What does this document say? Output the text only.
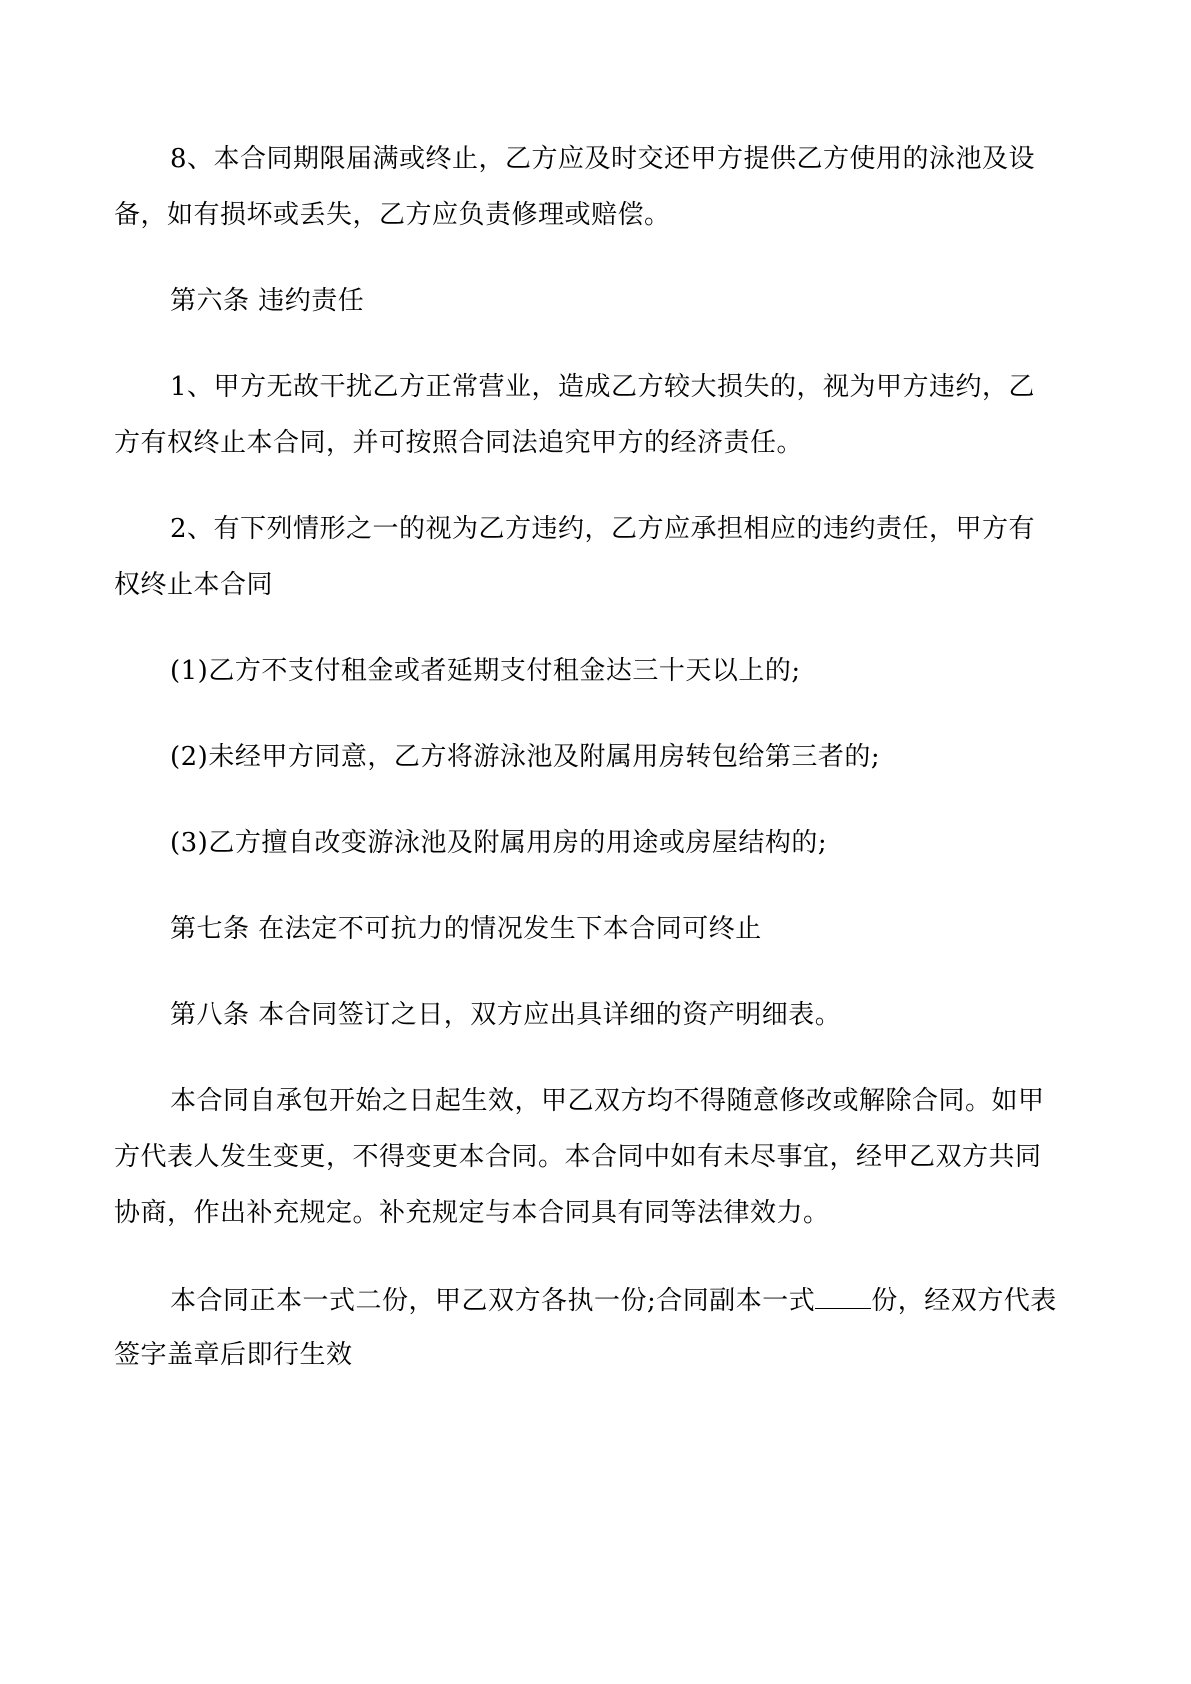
8、本合同期限届满或终止，乙方应及时交还甲方提供乙方使用的泳池及设

备，如有损坏或丢失，乙方应负责修理或赔偿。

第六条 违约责任

1、甲方无故干扰乙方正常营业，造成乙方较大损失的，视为甲方违约，乙

方有权终止本合同，并可按照合同法追究甲方的经济责任。

2、有下列情形之一的视为乙方违约，乙方应承担相应的违约责任，甲方有

权终止本合同

(1)乙方不支付租金或者延期支付租金达三十天以上的;

(2)未经甲方同意，乙方将游泳池及附属用房转包给第三者的;

(3)乙方擅自改变游泳池及附属用房的用途或房屋结构的;

第七条 在法定不可抗力的情况发生下本合同可终止

第八条 本合同签订之日，双方应出具详细的资产明细表。

本合同自承包开始之日起生效，甲乙双方均不得随意修改或解除合同。如甲

方代表人发生变更，不得变更本合同。本合同中如有未尽事宜，经甲乙双方共同

协商，作出补充规定。补充规定与本合同具有同等法律效力。

本合同正本一式二份，甲乙双方各执一份;合同副本一式 份，经双方代表

签字盖章后即行生效
